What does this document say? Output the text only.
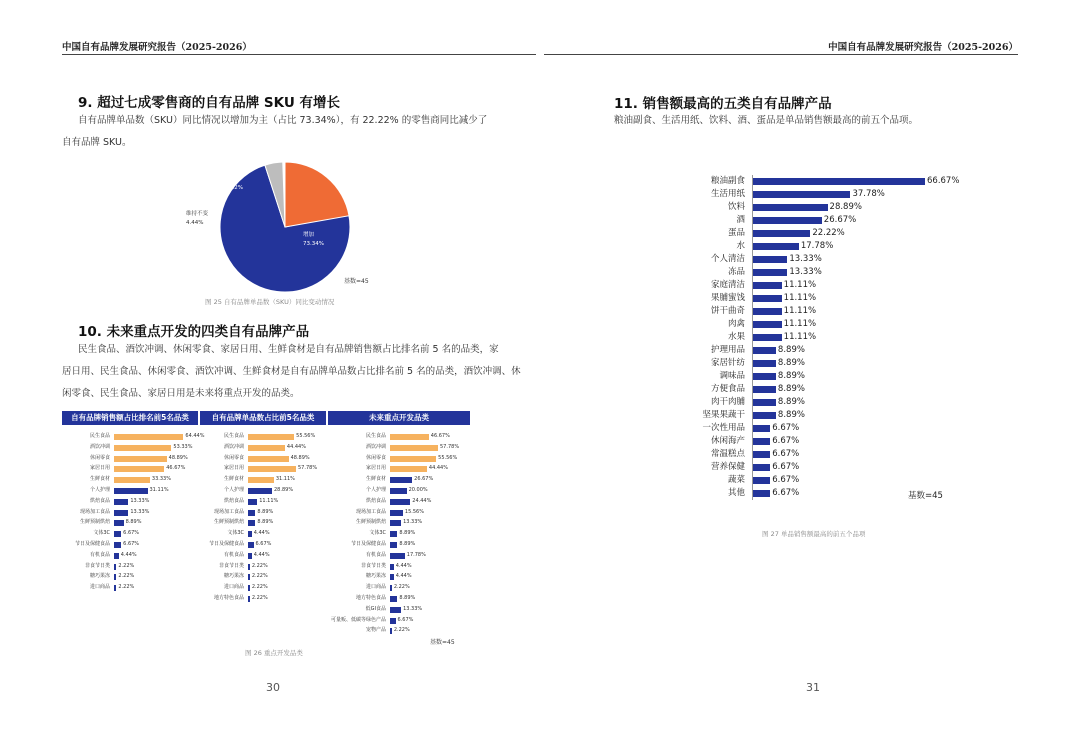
中国自有品牌发展研究报告（2025-2026）	中国自有品牌发展研究报告（2025-2026）
9. 超过七成零售商的自有品牌 SKU 有增长
自有品牌单品数（SKU）同比情况以增加为主（占比 73.34%），有 22.22% 的零售商同比减少了
自有品牌 SKU。
增加
73.34%
减少
22.22%
维持不变
4.44%
基数=45
图 25 自有品牌单品数（SKU）同比变动情况
10. 未来重点开发的四类自有品牌产品
民生食品、酒饮冲调、休闲零食、家居日用、生鲜食材是自有品牌销售额占比排名前 5 名的品类，家
居日用、民生食品、休闲零食、酒饮冲调、生鲜食材是自有品牌单品数占比排名前 5 名的品类，酒饮冲调、休
闲零食、民生食品、家居日用是未来将重点开发的品类。
自有品牌销售额占比排名前5名品类	自有品牌单品数占比前5名品类	未来重点开发品类
民生食品	64.44%
酒饮冲调	53.33%
休闲零食	48.89%
家居日用	46.67%
生鲜食材	33.33%
个人护理	31.11%
烘焙食品	13.33%
现场加工食品	13.33%
生鲜预制烘焙	8.89%
文体3C	6.67%
节日及保健食品	6.67%
有机食品 4.44%
非食节日类 2.22%
糖巧果冻 2.22%
进口商品 2.22%
民生食品	55.56%
酒饮冲调	44.44%
休闲零食	48.89%
家居日用	57.78%
生鲜食材	31.11%
个人护理	28.89%
烘焙食品	11.11%
现场加工食品	8.89%
生鲜预制烘焙	8.89%
文体3C 4.44%
节日及保健食品 6.67%
有机食品 4.44%
非食节日类 2.22%
糖巧果冻 2.22%
进口商品 2.22%
地方特色食品 2.22%
民生食品	46.67%
酒饮冲调	57.78%
休闲零食	55.56%
家居日用	44.44%
生鲜食材	26.67%
个人护理	20.00%
烘焙食品	24.44%
现场加工食品	15.56%
生鲜预制烘焙	13.33%
文体3C	8.89%
节日及保健食品	8.89%
有机食品	17.78%
非食节日类 4.44%
糖巧果冻 4.44%
进口商品 2.22%
地方特色食品	8.89%
低GI食品	13.33%
可量贩、低碳等绿色产品 6.67%
宠物产品 2.22%
基数=45
图 26 重点开发品类
30
11. 销售额最高的五类自有品牌产品
粮油副食、生活用纸、饮料、酒、蛋品是单品销售额最高的前五个品项。
粮油副食	66.67%
生活用纸	37.78%
饮料	28.89%
酒	26.67%
蛋品	22.22%
水	17.78%
个人清洁	13.33%
冻品	13.33%
家庭清洁	11.11%
果脯蜜饯	11.11%
饼干曲奇	11.11%
肉禽	11.11%
水果	11.11%
护理用品	8.89%
家居针纺	8.89%
调味品	8.89%
方便食品	8.89%
肉干肉脯	8.89%
坚果果蔬干	8.89%
一次性用品	6.67%
休闲海产	6.67%
常温糕点	6.67%
营养保健	6.67%
蔬菜	6.67%
其他	6.67%	基数=45
图 27 单品销售额最高的前五个品项
31
